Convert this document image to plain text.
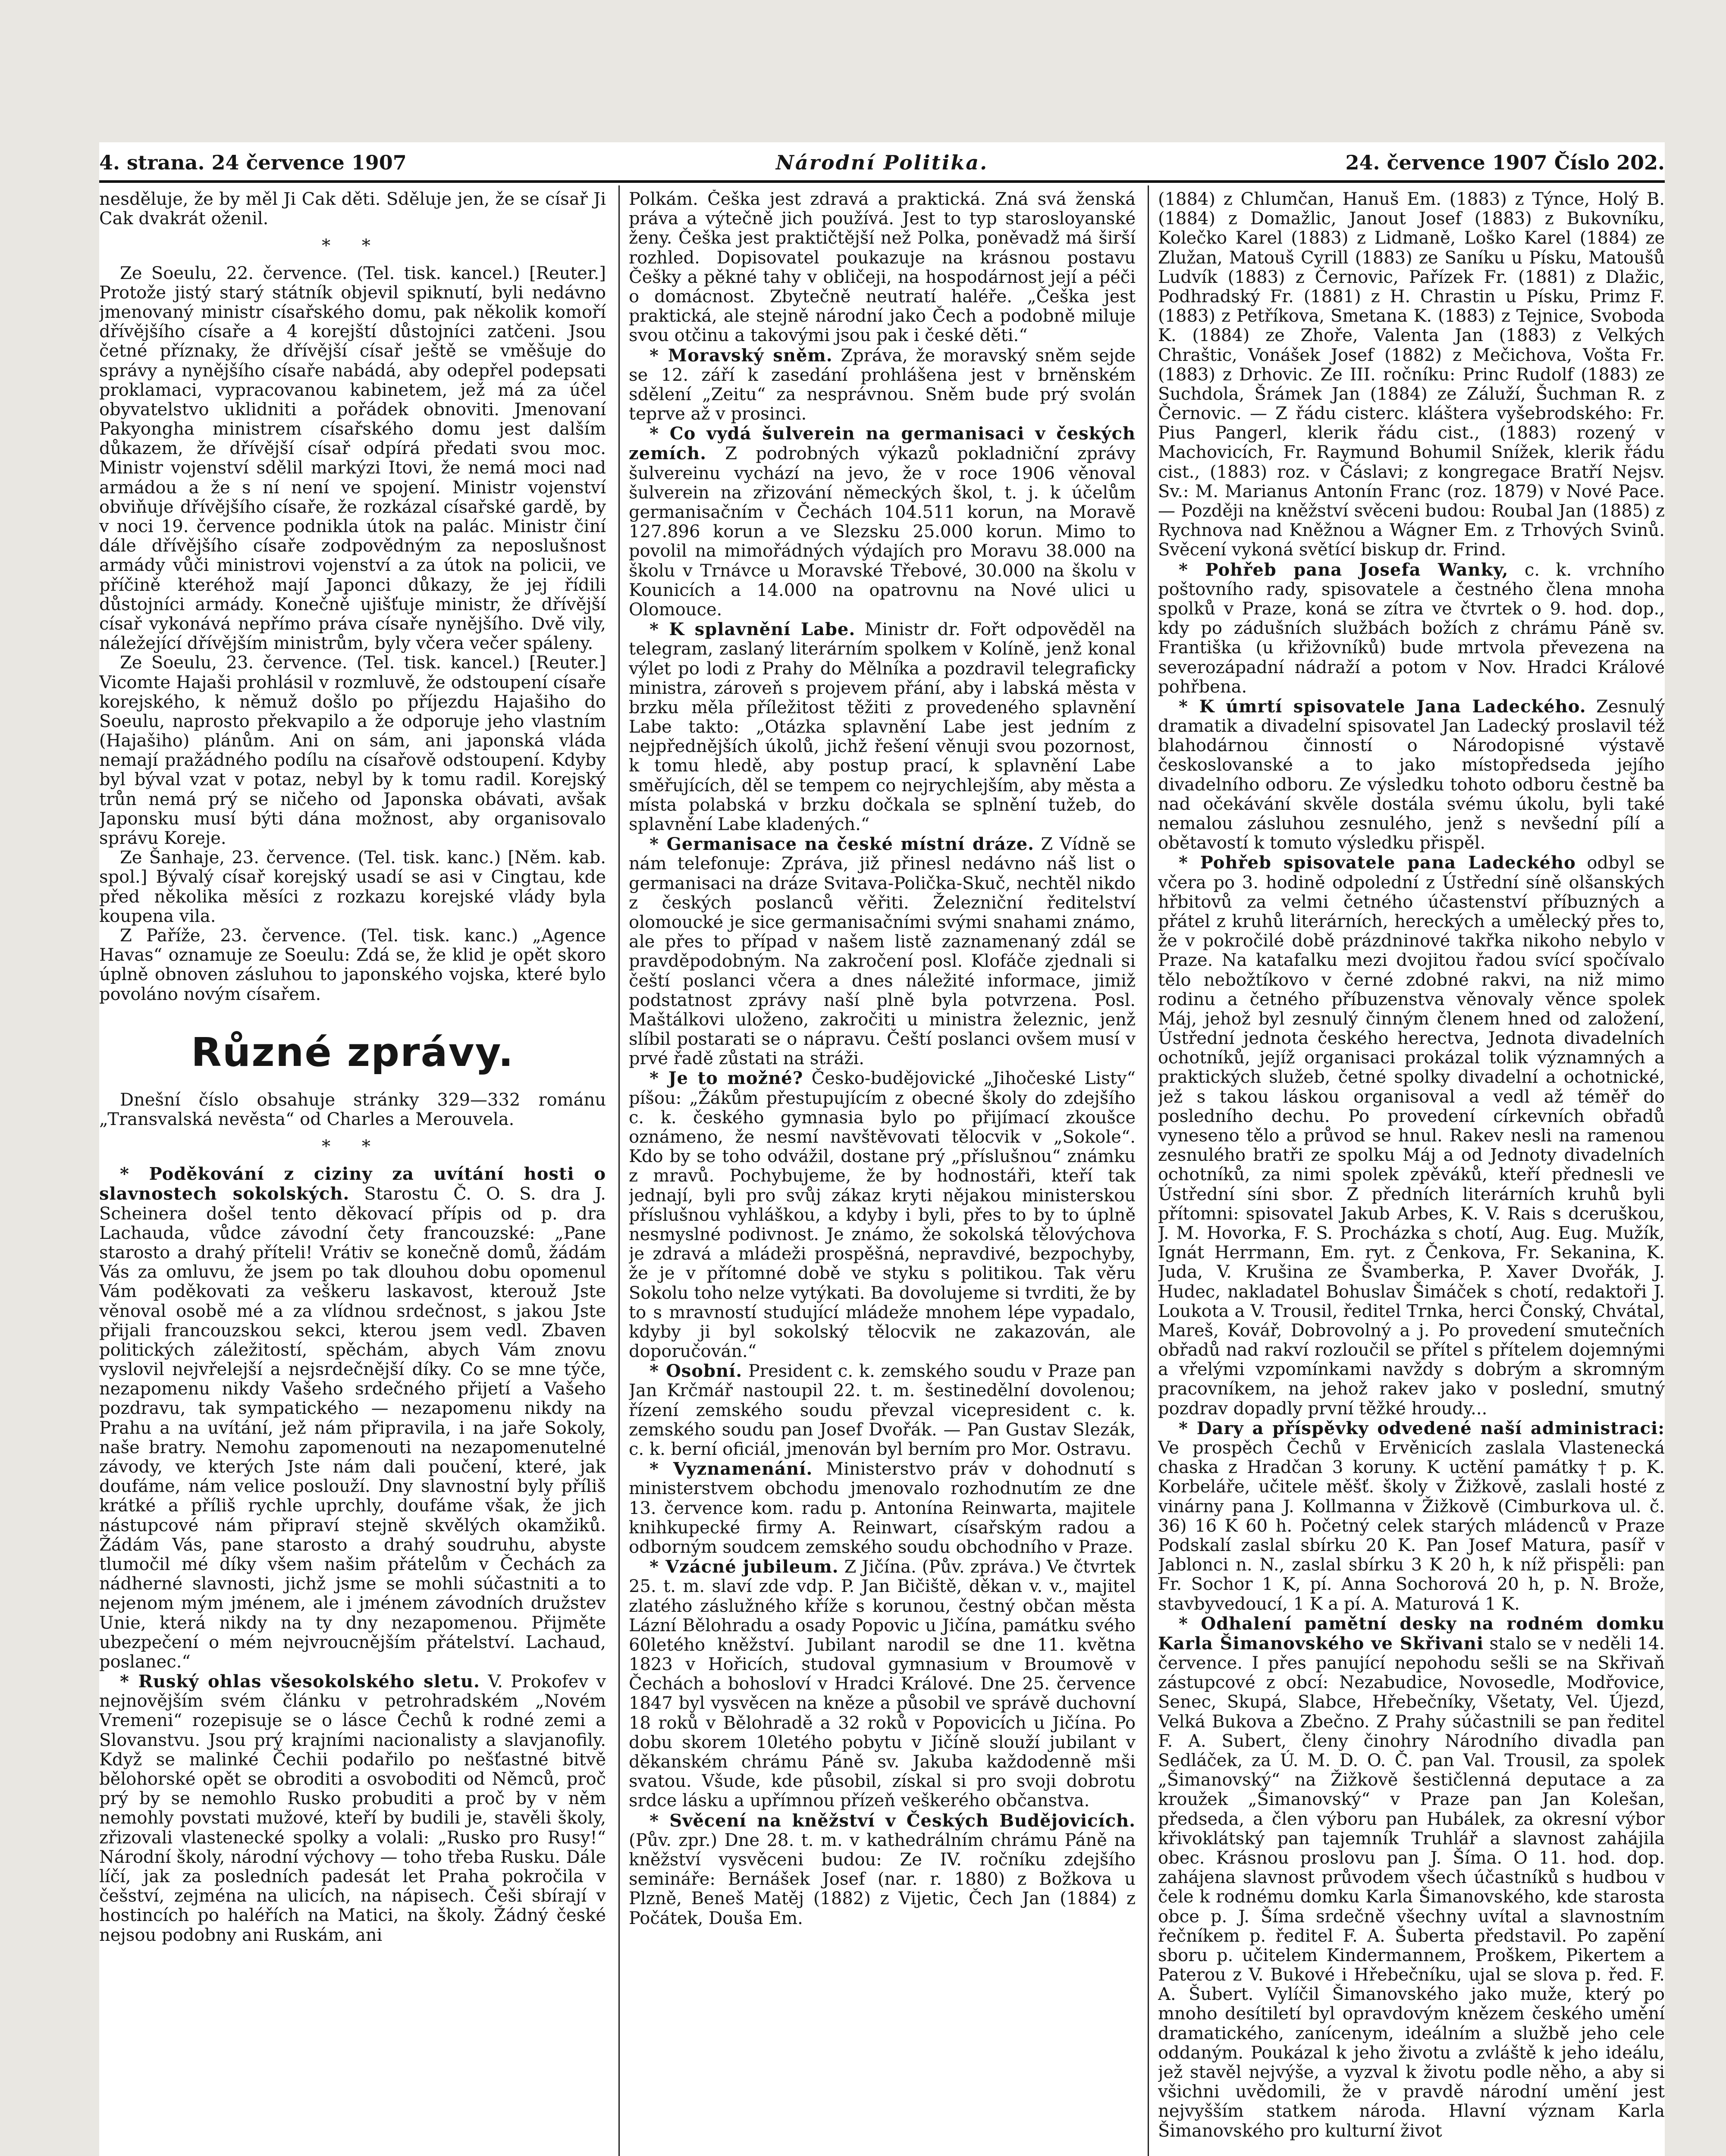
4. strana. 24 července 1907	Národní Politika.	24. července 1907 Číslo 202.

nesděluje, že by měl Ji Cak děti. Sděluje jen, že se císař Ji Cak dvakrát oženil.

* *

Ze Soeulu, 22. července. (Tel. tisk. kancel.) [Reuter.] Protože jistý starý státník objevil spiknutí, byli nedávno jmenovaný ministr císařského domu, pak několik komoří dřívějšího císaře a 4 korejští důstojníci zatčeni. Jsou četné příznaky, že dřívější císař ještě se vměšuje do správy a nynějšího císaře nabádá, aby odepřel podepsati proklamaci, vypracovanou kabinetem, jež má za účel obyvatelstvo uklidniti a pořádek obnoviti. Jmenovaní Pakyongha ministrem císařského domu jest dalším důkazem, že dřívější císař odpírá předati svou moc. Ministr vojenství sdělil markýzi Itovi, že nemá moci nad armádou a že s ní není ve spojení. Ministr vojenství obviňuje dřívějšího císaře, že rozkázal císařské gardě, by v noci 19. července podnikla útok na palác. Ministr činí dále dřívějšího císaře zodpovědným za neposlušnost armády vůči ministrovi vojenství a za útok na policii, ve příčině kteréhož mají Japonci důkazy, že jej řídili důstojníci armády. Konečně ujišťuje ministr, že dřívější císař vykonává nepřímo práva císaře nynějšího. Dvě vily, náležející dřívějším ministrům, byly včera večer spáleny.

Ze Soeulu, 23. července. (Tel. tisk. kancel.) [Reuter.] Vicomte Hajaši prohlásil v rozmluvě, že odstoupení císaře korejského, k němuž došlo po příjezdu Hajašiho do Soeulu, naprosto překvapilo a že odporuje jeho vlastním (Hajašiho) plánům. Ani on sám, ani japonská vláda nemají pražádného podílu na císařově odstoupení. Kdyby byl býval vzat v potaz, nebyl by k tomu radil. Korejský trůn nemá prý se ničeho od Japonska obávati, avšak Japonsku musí býti dána možnost, aby organisovalo správu Koreje.

Ze Šanhaje, 23. července. (Tel. tisk. kanc.) [Něm. kab. spol.] Bývalý císař korejský usadí se asi v Cingtau, kde před několika měsíci z rozkazu korejské vlády byla koupena vila.

Z Paříže, 23. července. (Tel. tisk. kanc.) „Agence Havas“ oznamuje ze Soeulu: Zdá se, že klid je opět skoro úplně obnoven zásluhou to japonského vojska, které bylo povoláno novým císařem.

Různé zprávy.

Dnešní číslo obsahuje stránky 329—332 románu „Transvalská nevěsta“ od Charles a Merouvela.

* *

* Poděkování z ciziny za uvítání hosti o slavnostech sokolských. Starostu Č. O. S. dra J. Scheinera došel tento děkovací přípis od p. dra Lachauda, vůdce závodní čety francouzské: „Pane starosto a drahý příteli! Vrátiv se konečně domů, žádám Vás za omluvu, že jsem po tak dlouhou dobu opomenul Vám poděkovati za veškeru laskavost, kterouž Jste věnoval osobě mé a za vlídnou srdečnost, s jakou Jste přijali francouzskou sekci, kterou jsem vedl. Zbaven politických záležitostí, spěchám, abych Vám znovu vyslovil nejvřelejší a nejsrdečnější díky. Co se mne týče, nezapomenu nikdy Vašeho srdečného přijetí a Vašeho pozdravu, tak sympatického — nezapomenu nikdy na Prahu a na uvítání, jež nám připravila, i na jaře Sokoly, naše bratry. Nemohu zapomenouti na nezapomenutelné závody, ve kterých Jste nám dali poučení, které, jak doufáme, nám velice poslouží. Dny slavnostní byly příliš krátké a příliš rychle uprchly, doufáme však, že jich nástupcové nám připraví stejně skvělých okamžiků. Žádám Vás, pane starosto a drahý soudruhu, abyste tlumočil mé díky všem našim přátelům v Čechách za nádherné slavnosti, jichž jsme se mohli súčastniti a to nejenom mým jménem, ale i jménem závodních družstev Unie, která nikdy na ty dny nezapomenou. Přijměte ubezpečení o mém nejvroucnějším přátelství. Lachaud, poslanec.“

* Ruský ohlas všesokolského sletu. V. Prokofev v nejnovějším svém článku v petrohradském „Novém Vremeni“ rozepisuje se o lásce Čechů k rodné zemi a Slovanstvu. Jsou prý krajními nacionalisty a slavjanofily. Když se malinké Čechii podařilo po nešťastné bitvě bělohorské opět se obroditi a osvoboditi od Němců, proč prý by se nemohlo Rusko probuditi a proč by v něm nemohly povstati mužové, kteří by budili je, stavěli školy, zřizovali vlastenecké spolky a volali: „Rusko pro Rusy!“ Národní školy, národní výchovy — toho třeba Rusku. Dále líčí, jak za posledních padesát let Praha pokročila v češství, zejména na ulicích, na nápisech. Češi sbírají v hostincích po haléřích na Matici, na školy. Žádný české nejsou podobny ani Ruskám, ani

Polkám. Češka jest zdravá a praktická. Zná svá ženská práva a výtečně jich používá. Jest to typ starosloyanské ženy. Češka jest praktičtější než Polka, poněvadž má širší rozhled. Dopisovatel poukazuje na krásnou postavu Češky a pěkné tahy v obličeji, na hospodárnost její a péči o domácnost. Zbytečně neutratí haléře. „Češka jest praktická, ale stejně národní jako Čech a podobně miluje svou otčinu a takovými jsou pak i české děti.“

* Moravský sněm. Zpráva, že moravský sněm sejde se 12. září k zasedání prohlášena jest v brněnském sdělení „Zeitu“ za nesprávnou. Sněm bude prý svolán teprve až v prosinci.

* Co vydá šulverein na germanisaci v českých zemích. Z podrobných výkazů pokladniční zprávy šulvereinu vychází na jevo, že v roce 1906 věnoval šulverein na zřizování německých škol, t. j. k účelům germanisačním v Čechách 104.511 korun, na Moravě 127.896 korun a ve Slezsku 25.000 korun. Mimo to povolil na mimořádných výdajích pro Moravu 38.000 na školu v Trnávce u Moravské Třebové, 30.000 na školu v Kounicích a 14.000 na opatrovnu na Nové ulici u Olomouce.

* K splavnění Labe. Ministr dr. Fořt odpověděl na telegram, zaslaný literárním spolkem v Kolíně, jenž konal výlet po lodi z Prahy do Mělníka a pozdravil telegraficky ministra, zároveň s projevem přání, aby i labská města v brzku měla příležitost těžiti z provedeného splavnění Labe takto: „Otázka splavnění Labe jest jedním z nejpřednějších úkolů, jichž řešení věnuji svou pozornost, k tomu hledě, aby postup prací, k splavnění Labe směřujících, děl se tempem co nejrychlejším, aby města a místa polabská v brzku dočkala se splnění tužeb, do splavnění Labe kladených.“

* Germanisace na české místní dráze. Z Vídně se nám telefonuje: Zpráva, již přinesl nedávno náš list o germanisaci na dráze Svitava-Polička-Skuč, nechtěl nikdo z českých poslanců věřiti. Železniční ředitelství olomoucké je sice germanisačními svými snahami známo, ale přes to případ v našem listě zaznamenaný zdál se pravděpodobným. Na zakročení posl. Klofáče zjednali si čeští poslanci včera a dnes náležité informace, jimiž podstatnost zprávy naší plně byla potvrzena. Posl. Maštálkovi uloženo, zakročiti u ministra železnic, jenž slíbil postarati se o nápravu. Čeští poslanci ovšem musí v prvé řadě zůstati na stráži.

* Je to možné? Česko-budějovické „Jihočeské Listy“ píšou: „Žákům přestupujícím z obecné školy do zdejšího c. k. českého gymnasia bylo po přijímací zkoušce oznámeno, že nesmí navštěvovati tělocvik v „Sokole“. Kdo by se toho odvážil, dostane prý „příslušnou“ známku z mravů. Pochybujeme, že by hodnostáři, kteří tak jednají, byli pro svůj zákaz kryti nějakou ministerskou příslušnou vyhláškou, a kdyby i byli, přes to by to úplně nesmyslné podivnost. Je známo, že sokolská tělovýchova je zdravá a mládeži prospěšná, nepravdivé, bezpochyby, že je v přítomné době ve styku s politikou. Tak věru Sokolu toho nelze vytýkati. Ba dovolujeme si tvrditi, že by to s mravností studující mládeže mnohem lépe vypadalo, kdyby ji byl sokolský tělocvik ne zakazován, ale doporučován.“

* Osobní. President c. k. zemského soudu v Praze pan Jan Krčmář nastoupil 22. t. m. šestinedělní dovolenou; řízení zemského soudu převzal vicepresident c. k. zemského soudu pan Josef Dvořák. — Pan Gustav Slezák, c. k. berní oficiál, jmenován byl berním pro Mor. Ostravu.

* Vyznamenání. Ministerstvo práv v dohodnutí s ministerstvem obchodu jmenovalo rozhodnutím ze dne 13. července kom. radu p. Antonína Reinwarta, majitele knihkupecké firmy A. Reinwart, císařským radou a odborným soudcem zemského soudu obchodního v Praze.

* Vzácné jubileum. Z Jičína. (Pův. zpráva.) Ve čtvrtek 25. t. m. slaví zde vdp. P. Jan Bičiště, děkan v. v., majitel zlatého záslužného kříže s korunou, čestný občan města Lázní Bělohradu a osady Popovic u Jičína, památku svého 60letého kněžství. Jubilant narodil se dne 11. května 1823 v Hořicích, studoval gymnasium v Broumově v Čechách a bohosloví v Hradci Králové. Dne 25. července 1847 byl vysvěcen na kněze a působil ve správě duchovní 18 roků v Bělohradě a 32 roků v Popovicích u Jičína. Po dobu skorem 10letého pobytu v Jičíně slouží jubilant v děkanském chrámu Páně sv. Jakuba každodenně mši svatou. Všude, kde působil, získal si pro svoji dobrotu srdce lásku a upřímnou přízeň veškerého občanstva.

* Svěcení na kněžství v Českých Budějovicích. (Pův. zpr.) Dne 28. t. m. v kathedrálním chrámu Páně na kněžství vysvěceni budou: Ze IV. ročníku zdejšího semináře: Bernášek Josef (nar. r. 1880) z Božkova u Plzně, Beneš Matěj (1882) z Vijetic, Čech Jan (1884) z Počátek, Douša Em.

(1884) z Chlumčan, Hanuš Em. (1883) z Týnce, Holý B. (1884) z Domažlic, Janout Josef (1883) z Bukovníku, Kolečko Karel (1883) z Lidmaně, Loško Karel (1884) ze Zlužan, Matouš Cyrill (1883) ze Saníku u Písku, Matoušů Ludvík (1883) z Černovic, Pařízek Fr. (1881) z Dlažic, Podhradský Fr. (1881) z H. Chrastin u Písku, Primz F. (1883) z Petříkova, Smetana K. (1883) z Tejnice, Svoboda K. (1884) ze Zhoře, Valenta Jan (1883) z Velkých Chraštic, Vonášek Josef (1882) z Mečichova, Vošta Fr. (1883) z Drhovic. Ze III. ročníku: Princ Rudolf (1883) ze Suchdola, Šrámek Jan (1884) ze Záluží, Šuchman R. z Černovic. — Z řádu cisterc. kláštera vyšebrodského: Fr. Pius Pangerl, klerik řádu cist., (1883) rozený v Machovicích, Fr. Raymund Bohumil Snížek, klerik řádu cist., (1883) roz. v Čáslavi; z kongregace Bratří Nejsv. Sv.: M. Marianus Antonín Franc (roz. 1879) v Nové Pace. — Později na kněžství svěceni budou: Roubal Jan (1885) z Rychnova nad Kněžnou a Wágner Em. z Trhových Svinů. Svěcení vykoná světící biskup dr. Frind.

* Pohřeb pana Josefa Wanky, c. k. vrchního poštovního rady, spisovatele a čestného člena mnoha spolků v Praze, koná se zítra ve čtvrtek o 9. hod. dop., kdy po zádušních službách božích z chrámu Páně sv. Františka (u křižovníků) bude mrtvola převezena na severozápadní nádraží a potom v Nov. Hradci Králové pohřbena.

* K úmrtí spisovatele Jana Ladeckého. Zesnulý dramatik a divadelní spisovatel Jan Ladecký proslavil též blahodárnou činností o Národopisné výstavě českoslovanské a to jako místopředseda jejího divadelního odboru. Ze výsledku tohoto odboru čestně ba nad očekávání skvěle dostála svému úkolu, byli také nemalou zásluhou zesnulého, jenž s nevšední pílí a obětavostí k tomuto výsledku přispěl.

* Pohřeb spisovatele pana Ladeckého odbyl se včera po 3. hodině odpolední z Ústřední síně olšanských hřbitovů za velmi četného účastenství příbuzných a přátel z kruhů literárních, hereckých a umělecký přes to, že v pokročilé době prázdninové takřka nikoho nebylo v Praze. Na katafalku mezi dvojitou řadou svící spočívalo tělo nebožtíkovo v černé zdobné rakvi, na niž mimo rodinu a četného příbuzenstva věnovaly věnce spolek Máj, jehož byl zesnulý činným členem hned od založení, Ústřední jednota českého herectva, Jednota divadelních ochotníků, jejíž organisaci prokázal tolik významných a praktických služeb, četné spolky divadelní a ochotnické, jež s takou láskou organisoval a vedl až téměř do posledního dechu. Po provedení církevních obřadů vyneseno tělo a průvod se hnul. Rakev nesli na ramenou zesnulého bratři ze spolku Máj a od Jednoty divadelních ochotníků, za nimi spolek zpěváků, kteří přednesli ve Ústřední síni sbor. Z předních literárních kruhů byli přítomni: spisovatel Jakub Arbes, K. V. Rais s dceruškou, J. M. Hovorka, F. S. Procházka s chotí, Aug. Eug. Mužík, Ignát Herrmann, Em. ryt. z Čenkova, Fr. Sekanina, K. Juda, V. Krušina ze Švamberka, P. Xaver Dvořák, J. Hudec, nakladatel Bohuslav Šimáček s chotí, redaktoři J. Loukota a V. Trousil, ředitel Trnka, herci Čonský, Chvátal, Mareš, Kovář, Dobrovolný a j. Po provedení smutečních obřadů nad rakví rozloučil se přítel s přítelem dojemnými a vřelými vzpomínkami navždy s dobrým a skromným pracovníkem, na jehož rakev jako v poslední, smutný pozdrav dopadly první těžké hroudy...

* Dary a příspěvky odvedené naší administraci: Ve prospěch Čechů v Ervěnicích zaslala Vlastenecká chaska z Hradčan 3 koruny. K uctění památky † p. K. Korbeláře, učitele měšť. školy v Žižkově, zaslali hosté z vinárny pana J. Kollmanna v Žižkově (Cimburkova ul. č. 36) 16 K 60 h. Početný celek starých mládenců v Praze Podskalí zaslal sbírku 20 K. Pan Josef Matura, pasíř v Jablonci n. N., zaslal sbírku 3 K 20 h, k níž přispěli: pan Fr. Sochor 1 K, pí. Anna Sochorová 20 h, p. N. Brože, stavbyvedoucí, 1 K a pí. A. Maturová 1 K.

* Odhalení pamětní desky na rodném domku Karla Šimanovského ve Skřivani stalo se v neděli 14. července. I přes panující nepohodu sešli se na Skřivaň zástupcové z obcí: Nezabudice, Novosedle, Modřovice, Senec, Skupá, Slabce, Hřebečníky, Všetaty, Vel. Újezd, Velká Bukova a Zbečno. Z Prahy súčastnili se pan ředitel F. A. Subert, členy činohry Národního divadla pan Sedláček, za Ú. M. D. O. Č. pan Val. Trousil, za spolek „Šimanovský“ na Žižkově šestičlenná deputace a za kroužek „Šimanovský“ v Praze pan Jan Kolešan, předseda, a člen výboru pan Hubálek, za okresní výbor křivoklátský pan tajemník Truhlář a slavnost zahájila obec. Krásnou proslovu pan J. Šíma. O 11. hod. dop. zahájena slavnost průvodem všech účastníků s hudbou v čele k rodnému domku Karla Šimanovského, kde starosta obce p. J. Šíma srdečně všechny uvítal a slavnostním řečníkem p. ředitel F. A. Šuberta představil. Po zapění sboru p. učitelem Kindermannem, Proškem, Pikertem a Paterou z V. Bukové i Hřebečníku, ujal se slova p. řed. F. A. Šubert. Vylíčil Šimanovského jako muže, který po mnoho desítiletí byl opravdovým knězem českého umění dramatického, zanícenym, ideálním a službě jeho cele oddaným. Poukázal k jeho životu a zvláště k jeho ideálu, jež stavěl nejvýše, a vyzval k životu podle něho, a aby si všichni uvědomili, že v pravdě národní umění jest nejvyšším statkem národa. Hlavní význam Karla Šimanovského pro kulturní život
